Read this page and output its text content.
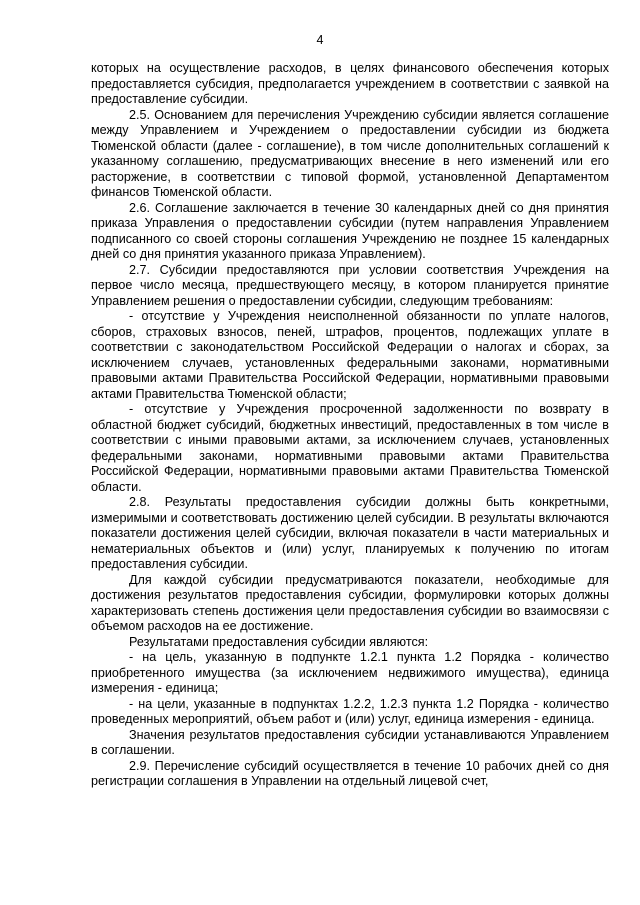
4

которых на осуществление расходов, в целях финансового обеспечения которых предоставляется субсидия, предполагается учреждением в соответствии с заявкой на предоставление субсидии.

2.5. Основанием для перечисления Учреждению субсидии является соглашение между Управлением и Учреждением о предоставлении субсидии из бюджета Тюменской области (далее - соглашение), в том числе дополнительных соглашений к указанному соглашению, предусматривающих внесение в него изменений или его расторжение, в соответствии с типовой формой, установленной Департаментом финансов Тюменской области.

2.6. Соглашение заключается в течение 30 календарных дней со дня принятия приказа Управления о предоставлении субсидии (путем направления Управлением подписанного со своей стороны соглашения Учреждению не позднее 15 календарных дней со дня принятия указанного приказа Управлением).

2.7. Субсидии предоставляются при условии соответствия Учреждения на первое число месяца, предшествующего месяцу, в котором планируется принятие Управлением решения о предоставлении субсидии, следующим требованиям:

- отсутствие у Учреждения неисполненной обязанности по уплате налогов, сборов, страховых взносов, пеней, штрафов, процентов, подлежащих уплате в соответствии с законодательством Российской Федерации о налогах и сборах, за исключением случаев, установленных федеральными законами, нормативными правовыми актами Правительства Российской Федерации, нормативными правовыми актами Правительства Тюменской области;

- отсутствие у Учреждения просроченной задолженности по возврату в областной бюджет субсидий, бюджетных инвестиций, предоставленных в том числе в соответствии с иными правовыми актами, за исключением случаев, установленных федеральными законами, нормативными правовыми актами Правительства Российской Федерации, нормативными правовыми актами Правительства Тюменской области.

2.8. Результаты предоставления субсидии должны быть конкретными, измеримыми и соответствовать достижению целей субсидии. В результаты включаются показатели достижения целей субсидии, включая показатели в части материальных и нематериальных объектов и (или) услуг, планируемых к получению по итогам предоставления субсидии.

Для каждой субсидии предусматриваются показатели, необходимые для достижения результатов предоставления субсидии, формулировки которых должны характеризовать степень достижения цели предоставления субсидии во взаимосвязи с объемом расходов на ее достижение.

Результатами предоставления субсидии являются:

- на цель, указанную в подпункте 1.2.1 пункта 1.2 Порядка - количество приобретенного имущества (за исключением недвижимого имущества), единица измерения - единица;

- на цели, указанные в подпунктах 1.2.2, 1.2.3 пункта 1.2 Порядка - количество проведенных мероприятий, объем работ и (или) услуг, единица измерения - единица.

Значения результатов предоставления субсидии устанавливаются Управлением в соглашении.

2.9. Перечисление субсидий осуществляется в течение 10 рабочих дней со дня регистрации соглашения в Управлении на отдельный лицевой счет,
